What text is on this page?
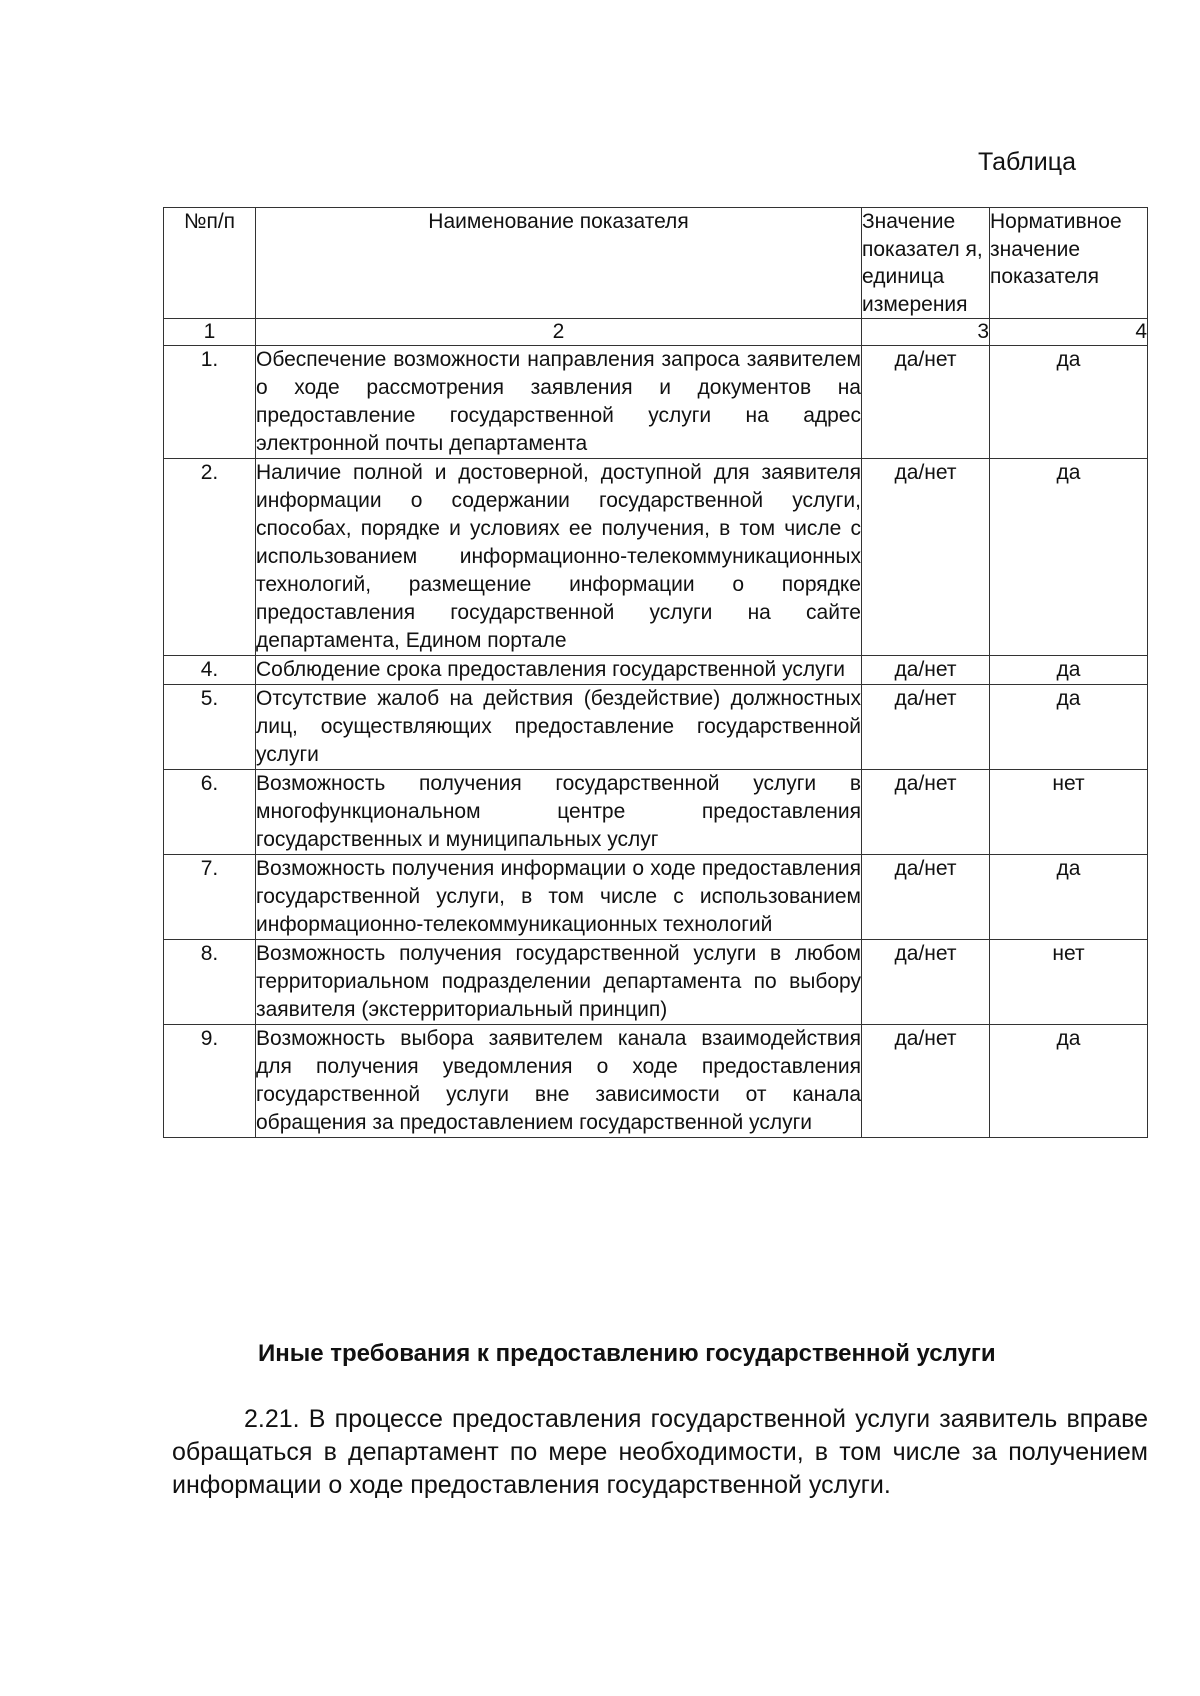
Таблица
№п/п	Наименование показателя	Значение показател я, единица измерения	Нормативное значение показателя
1	2	3	4
1.	Обеспечение возможности направления запроса заявителем о ходе рассмотрения заявления и документов на предоставление государственной услуги на адрес электронной почты департамента	да/нет	да
2.	Наличие полной и достоверной, доступной для заявителя информации о содержании государственной услуги, способах, порядке и условиях ее получения, в том числе с использованием информационно-телекоммуникационных технологий, размещение информации о порядке предоставления государственной услуги на сайте департамента, Едином портале	да/нет	да
4.	Соблюдение срока предоставления государственной услуги	да/нет	да
5.	Отсутствие жалоб на действия (бездействие) должностных лиц, осуществляющих предоставление государственной услуги	да/нет	да
6.	Возможность получения государственной услуги в многофункциональном центре предоставления государственных и муниципальных услуг	да/нет	нет
7.	Возможность получения информации о ходе предоставления государственной услуги, в том числе с использованием информационно-телекоммуникационных технологий	да/нет	да
8.	Возможность получения государственной услуги в любом территориальном подразделении департамента по выбору заявителя (экстерриториальный принцип)	да/нет	нет
9.	Возможность выбора заявителем канала взаимодействия для получения уведомления о ходе предоставления государственной услуги вне зависимости от канала обращения за предоставлением государственной услуги	да/нет	да
Иные требования к предоставлению государственной услуги
2.21. В процессе предоставления государственной услуги заявитель вправе обращаться в департамент по мере необходимости, в том числе за получением информации о ходе предоставления государственной услуги.
